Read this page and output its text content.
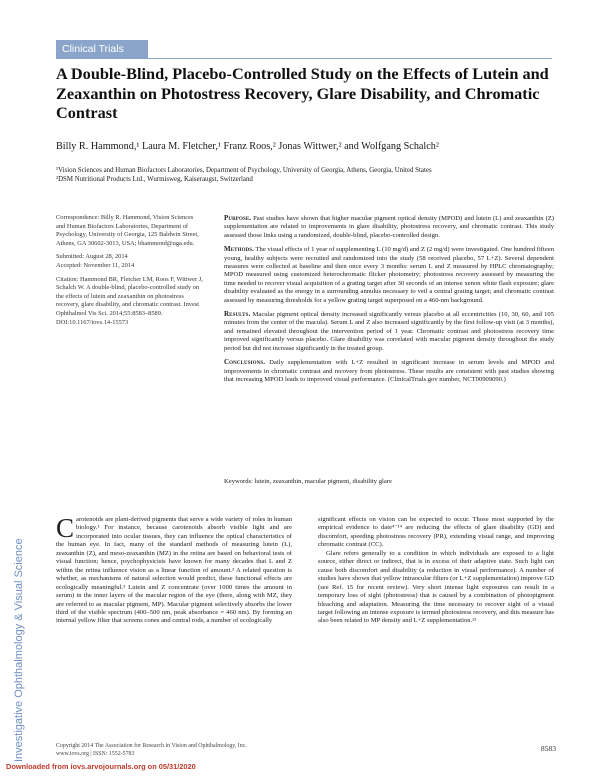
Clinical Trials
A Double-Blind, Placebo-Controlled Study on the Effects of Lutein and Zeaxanthin on Photostress Recovery, Glare Disability, and Chromatic Contrast
Billy R. Hammond,¹ Laura M. Fletcher,¹ Franz Roos,² Jonas Wittwer,² and Wolfgang Schalch²
¹Vision Sciences and Human Biofactors Laboratories, Department of Psychology, University of Georgia, Athens, Georgia, United States
²DSM Nutritional Products Ltd., Wurmisweg, Kaiseraugst, Switzerland
Correspondence: Billy R. Hammond, Vision Sciences and Human Biofactors Laboratories, Department of Psychology, University of Georgia, 125 Baldwin Street, Athens, GA 30602-3013, USA; bhammond@uga.edu.
Submitted: August 28, 2014
Accepted: November 11, 2014
Citation: Hammond BR, Fletcher LM, Roos F, Wittwer J, Schalch W. A double-blind, placebo-controlled study on the effects of lutein and zeaxanthin on photostress recovery, glare disability, and chromatic contrast. Invest Ophthalmol Vis Sci. 2014;55:8583–8589. DOI:10.1167/iovs.14-15573

Purpose. Past studies have shown that higher macular pigment optical density (MPOD) and lutein (L) and zeaxanthin (Z) supplementation are related to improvements in glare disability, photostress recovery, and chromatic contrast. This study assessed those links using a randomized, double-blind, placebo-controlled design.

Methods. The visual effects of 1 year of supplementing L (10 mg/d) and Z (2 mg/d) were investigated. One hundred fifteen young, healthy subjects were recruited and randomized into the study (58 received placebo, 57 L+Z). Several dependent measures were collected at baseline and then once every 3 months: serum L and Z measured by HPLC chromatography; MPOD measured using customized heterochromatic flicker photometry; photostress recovery assessed by measuring the time needed to recover visual acquisition of a grating target after 30 seconds of an intense xenon white flash exposure; glare disability evaluated as the energy in a surrounding annulus necessary to veil a central grating target; and chromatic contrast assessed by measuring thresholds for a yellow grating target superposed on a 460-nm background.

Results. Macular pigment optical density increased significantly versus placebo at all eccentricities (10, 30, 60, and 105 minutes from the center of the macula). Serum L and Z also increased significantly by the first follow-up visit (at 3 months), and remained elevated throughout the intervention period of 1 year. Chromatic contrast and photostress recovery time improved significantly versus placebo. Glare disability was correlated with macular pigment density throughout the study period but did not increase significantly in the treated group.

Conclusions. Daily supplementation with L+Z resulted in significant increase in serum levels and MPOD and improvements in chromatic contrast and recovery from photostress. These results are consistent with past studies showing that increasing MPOD leads to improved visual performance. (ClinicalTrials.gov number, NCT00909090.)

Keywords: lutein, zeaxanthin, macular pigment, disability glare
Investigative Ophthalmology & Visual Science
Carotenoids are plant-derived pigments that serve a wide variety of roles in human biology.¹ For instance, because carotenoids absorb visible light and are incorporated into ocular tissues, they can influence the optical characteristics of the human eye. In fact, many of the standard methods of measuring lutein (L), zeaxanthin (Z), and meso-zeaxanthin (MZ) in the retina are based on behavioral tests of visual function; hence, psychophysicists have known for many decades that L and Z within the retina influence vision as a linear function of amount.² A related question is whether, as mechanisms of natural selection would predict, these functional effects are ecologically meaningful.³ Lutein and Z concentrate (over 1000 times the amount in serum) in the inner layers of the macular region of the eye (there, along with MZ, they are referred to as macular pigment, MP). Macular pigment selectively absorbs the lower third of the visible spectrum (400–500 nm, peak absorbance = 460 nm). By forming an internal yellow filter that screens cones and central rods, a number of ecologically

significant effects on vision can be expected to occur. Those most supported by the empirical evidence to date⁴⁻¹⁴ are reducing the effects of glare disability (GD) and discomfort, speeding photostress recovery (PR), extending visual range, and improving chromatic contrast (CC).

Glare refers generally to a condition in which individuals are exposed to a light source, either direct or indirect, that is in excess of their adaptive state. Such light can cause both discomfort and disability (a reduction in visual performance). A number of studies have shown that yellow intraocular filters (or L+Z supplementation) improve GD (see Ref. 15 for recent review). Very short intense light exposures can result in a temporary loss of sight (photostress) that is caused by a combination of photopigment bleaching and adaptation. Measuring the time necessary to recover sight of a visual target following an intense exposure is termed photostress recovery, and this measure has also been related to MP density and L+Z supplementation.¹³

Copyright 2014 The Association for Research in Vision and Ophthalmology, Inc.
www.iovs.org | ISSN: 1552-5783
8583
Downloaded from iovs.arvojournals.org on 05/31/2020
